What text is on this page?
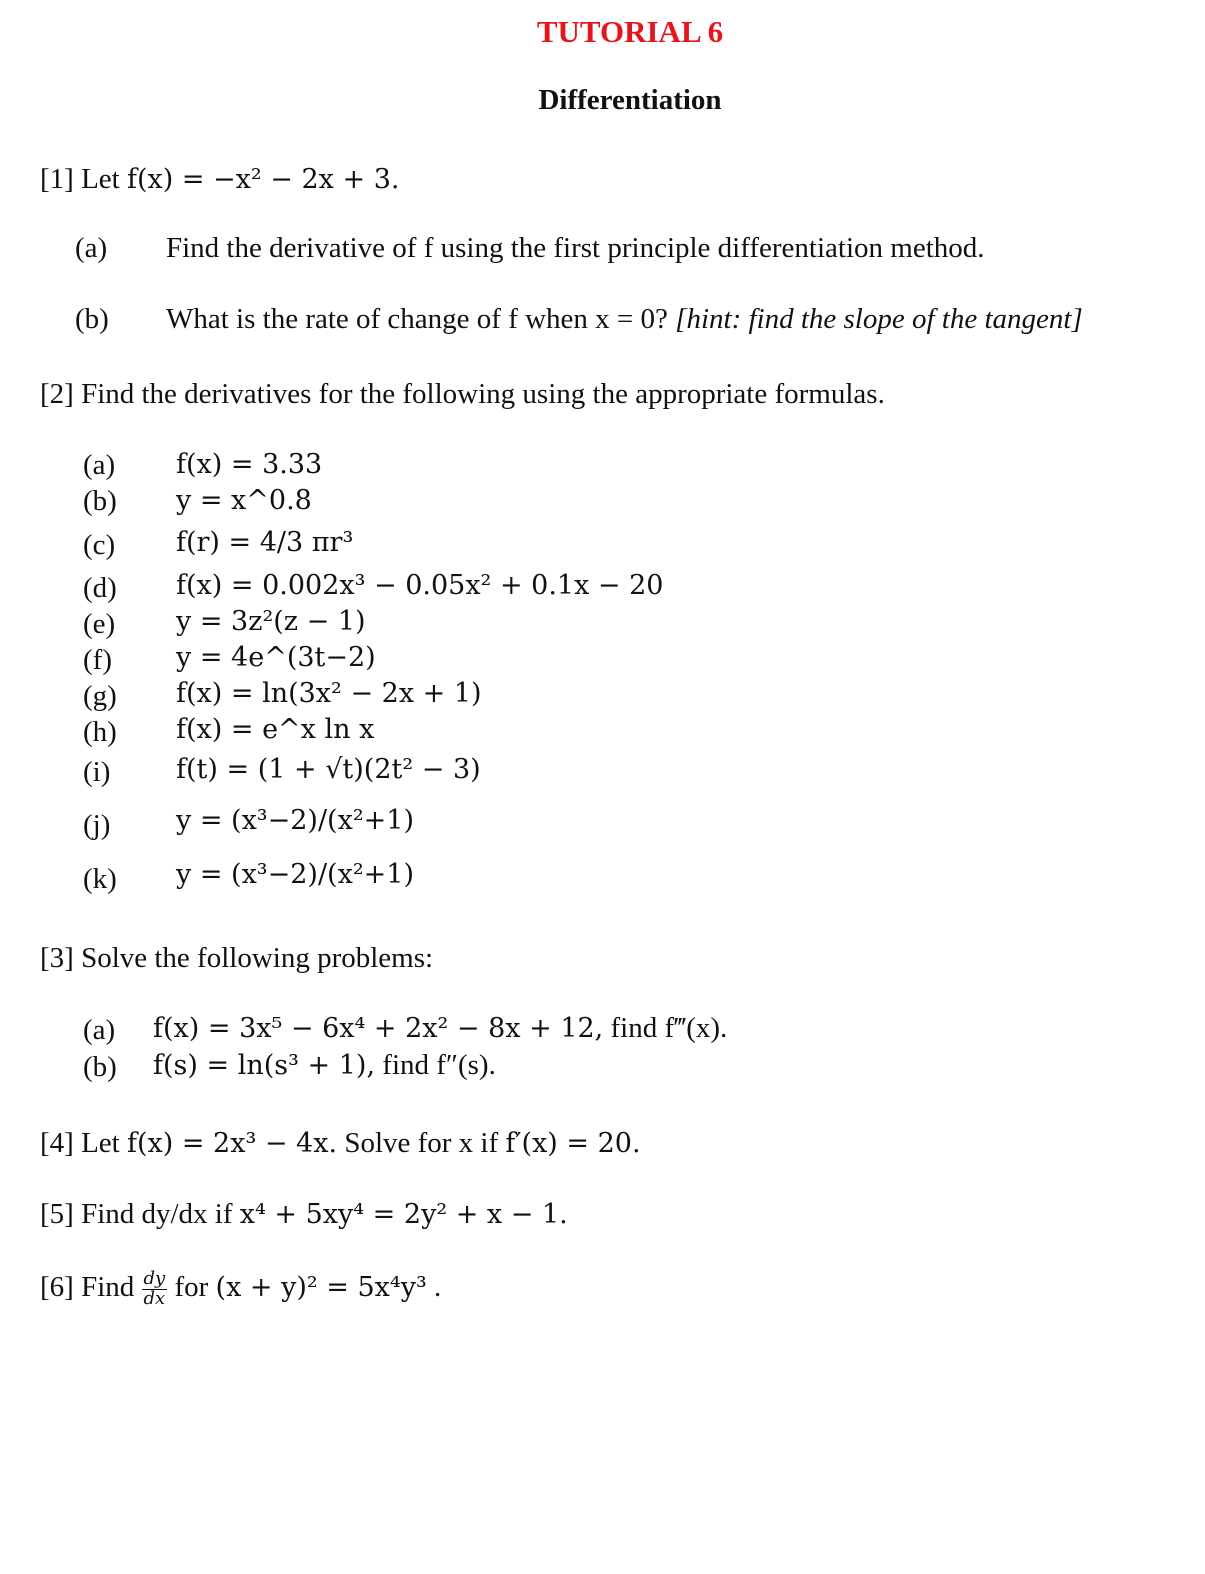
TUTORIAL 6
Differentiation
[1] Let f(x) = −x² − 2x + 3.
(a) Find the derivative of f using the first principle differentiation method.
(b) What is the rate of change of f when x = 0? [hint: find the slope of the tangent]
[2] Find the derivatives for the following using the appropriate formulas.
(a) f(x) = 3.33
(b) y = x^0.8
(c) f(r) = 4/3 πr³
(d) f(x) = 0.002x³ − 0.05x² + 0.1x − 20
(e) y = 3z²(z − 1)
(f) y = 4e^(3t−2)
(g) f(x) = ln(3x² − 2x + 1)
(h) f(x) = e^x ln x
(i) f(t) = (1 + √t)(2t² − 3)
(j) y = (x³−2)/(x²+1)
(k) y = (x³−2)/(x²+1)
[3] Solve the following problems:
(a) f(x) = 3x⁵ − 6x⁴ + 2x² − 8x + 12, find f‴(x).
(b) f(s) = ln(s³ + 1), find f″(s).
[4] Let f(x) = 2x³ − 4x. Solve for x if f′(x) = 20.
[5] Find dy/dx if x⁴ + 5xy⁴ = 2y² + x − 1.
[6] Find $\frac{dy}{dx}$ for (x + y)² = 5x⁴y³ .
